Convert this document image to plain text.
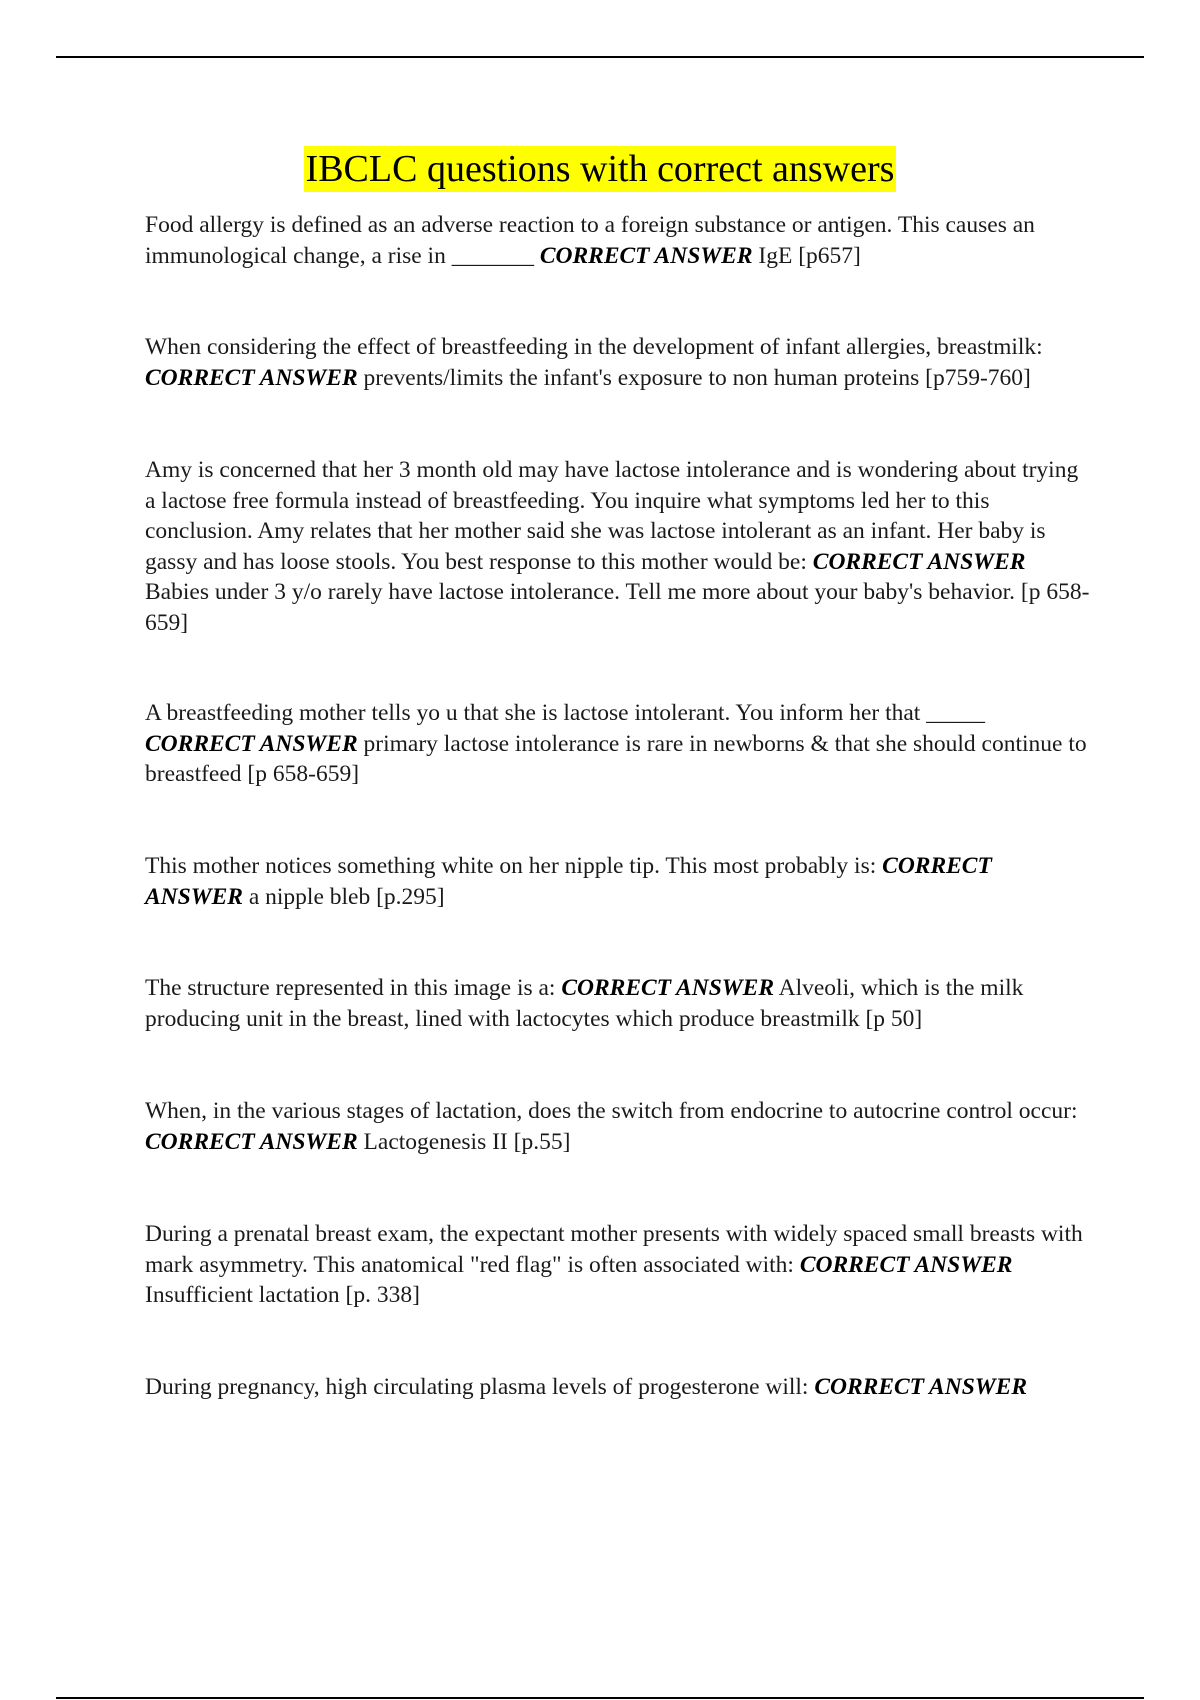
IBCLC questions with correct answers

Food allergy is defined as an adverse reaction to a foreign substance or antigen. This causes an immunological change, a rise in _______ CORRECT ANSWER IgE [p657]

When considering the effect of breastfeeding in the development of infant allergies, breastmilk: CORRECT ANSWER prevents/limits the infant's exposure to non human proteins [p759-760]

Amy is concerned that her 3 month old may have lactose intolerance and is wondering about trying a lactose free formula instead of breastfeeding. You inquire what symptoms led her to this conclusion. Amy relates that her mother said she was lactose intolerant as an infant. Her baby is gassy and has loose stools. You best response to this mother would be: CORRECT ANSWER Babies under 3 y/o rarely have lactose intolerance. Tell me more about your baby's behavior. [p 658-659]

A breastfeeding mother tells yo u that she is lactose intolerant. You inform her that _____ CORRECT ANSWER primary lactose intolerance is rare in newborns & that she should continue to breastfeed [p 658-659]

This mother notices something white on her nipple tip. This most probably is: CORRECT ANSWER a nipple bleb [p.295]

The structure represented in this image is a: CORRECT ANSWER Alveoli, which is the milk producing unit in the breast, lined with lactocytes which produce breastmilk [p 50]

When, in the various stages of lactation, does the switch from endocrine to autocrine control occur: CORRECT ANSWER Lactogenesis II [p.55]

During a prenatal breast exam, the expectant mother presents with widely spaced small breasts with mark asymmetry. This anatomical "red flag" is often associated with: CORRECT ANSWER Insufficient lactation [p. 338]

During pregnancy, high circulating plasma levels of progesterone will: CORRECT ANSWER
